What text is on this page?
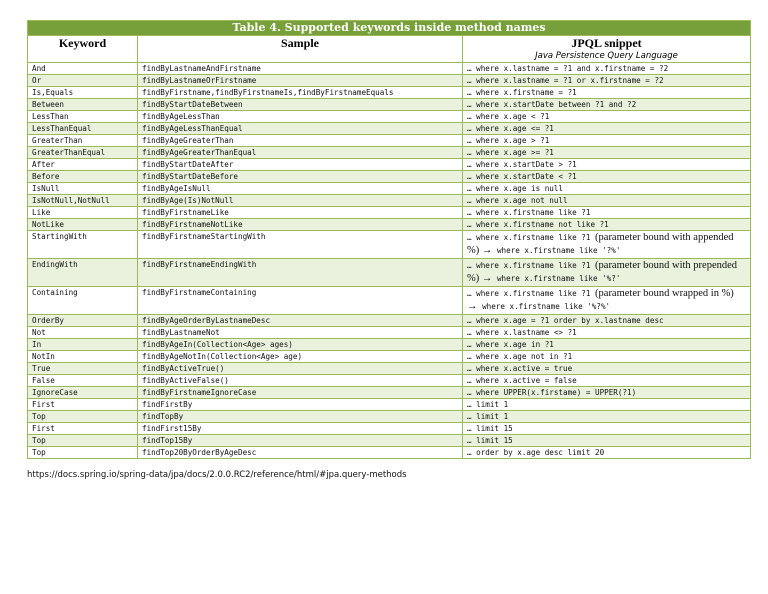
Table 4. Supported keywords inside method names		
Keyword	Sample	JPQL snippet
Java Persistence Query Language

And	findByLastnameAndFirstname	… where x.lastname = ?1 and x.firstname = ?2
Or	findByLastnameOrFirstname	… where x.lastname = ?1 or x.firstname = ?2
Is,Equals	findByFirstname,findByFirstnameIs,findByFirstnameEquals	… where x.firstname = ?1
Between	findByStartDateBetween	… where x.startDate between ?1 and ?2
LessThan	findByAgeLessThan	… where x.age < ?1
LessThanEqual	findByAgeLessThanEqual	… where x.age <= ?1
GreaterThan	findByAgeGreaterThan	… where x.age > ?1
GreaterThanEqual	findByAgeGreaterThanEqual	… where x.age >= ?1
After	findByStartDateAfter	… where x.startDate > ?1
Before	findByStartDateBefore	… where x.startDate < ?1
IsNull	findByAgeIsNull	… where x.age is null
IsNotNull,NotNull	findByAge(Is)NotNull	… where x.age not null
Like	findByFirstnameLike	… where x.firstname like ?1
NotLike	findByFirstnameNotLike	… where x.firstname not like ?1
StartingWith	findByFirstnameStartingWith	… where x.firstname like ?1 (parameter bound with appended %) → where x.firstname like '?%'
EndingWith	findByFirstnameEndingWith	… where x.firstname like ?1 (parameter bound with prepended %) → where x.firstname like '%?'
Containing	findByFirstnameContaining	… where x.firstname like ?1 (parameter bound wrapped in %) → where x.firstname like '%?%'
OrderBy	findByAgeOrderByLastnameDesc	… where x.age = ?1 order by x.lastname desc
Not	findByLastnameNot	… where x.lastname <> ?1
In	findByAgeIn(Collection<Age> ages)	… where x.age in ?1
NotIn	findByAgeNotIn(Collection<Age> age)	… where x.age not in ?1
True	findByActiveTrue()	… where x.active = true
False	findByActiveFalse()	… where x.active = false
IgnoreCase	findByFirstnameIgnoreCase	… where UPPER(x.firstame) = UPPER(?1)
First	findFirstBy	… limit 1
Top	findTopBy	… limit 1
First	findFirst15By	… limit 15
Top	findTop15By	… limit 15
Top	findTop20ByOrderByAgeDesc	… order by x.age desc limit 20
https://docs.spring.io/spring-data/jpa/docs/2.0.0.RC2/reference/html/#jpa.query-methods
